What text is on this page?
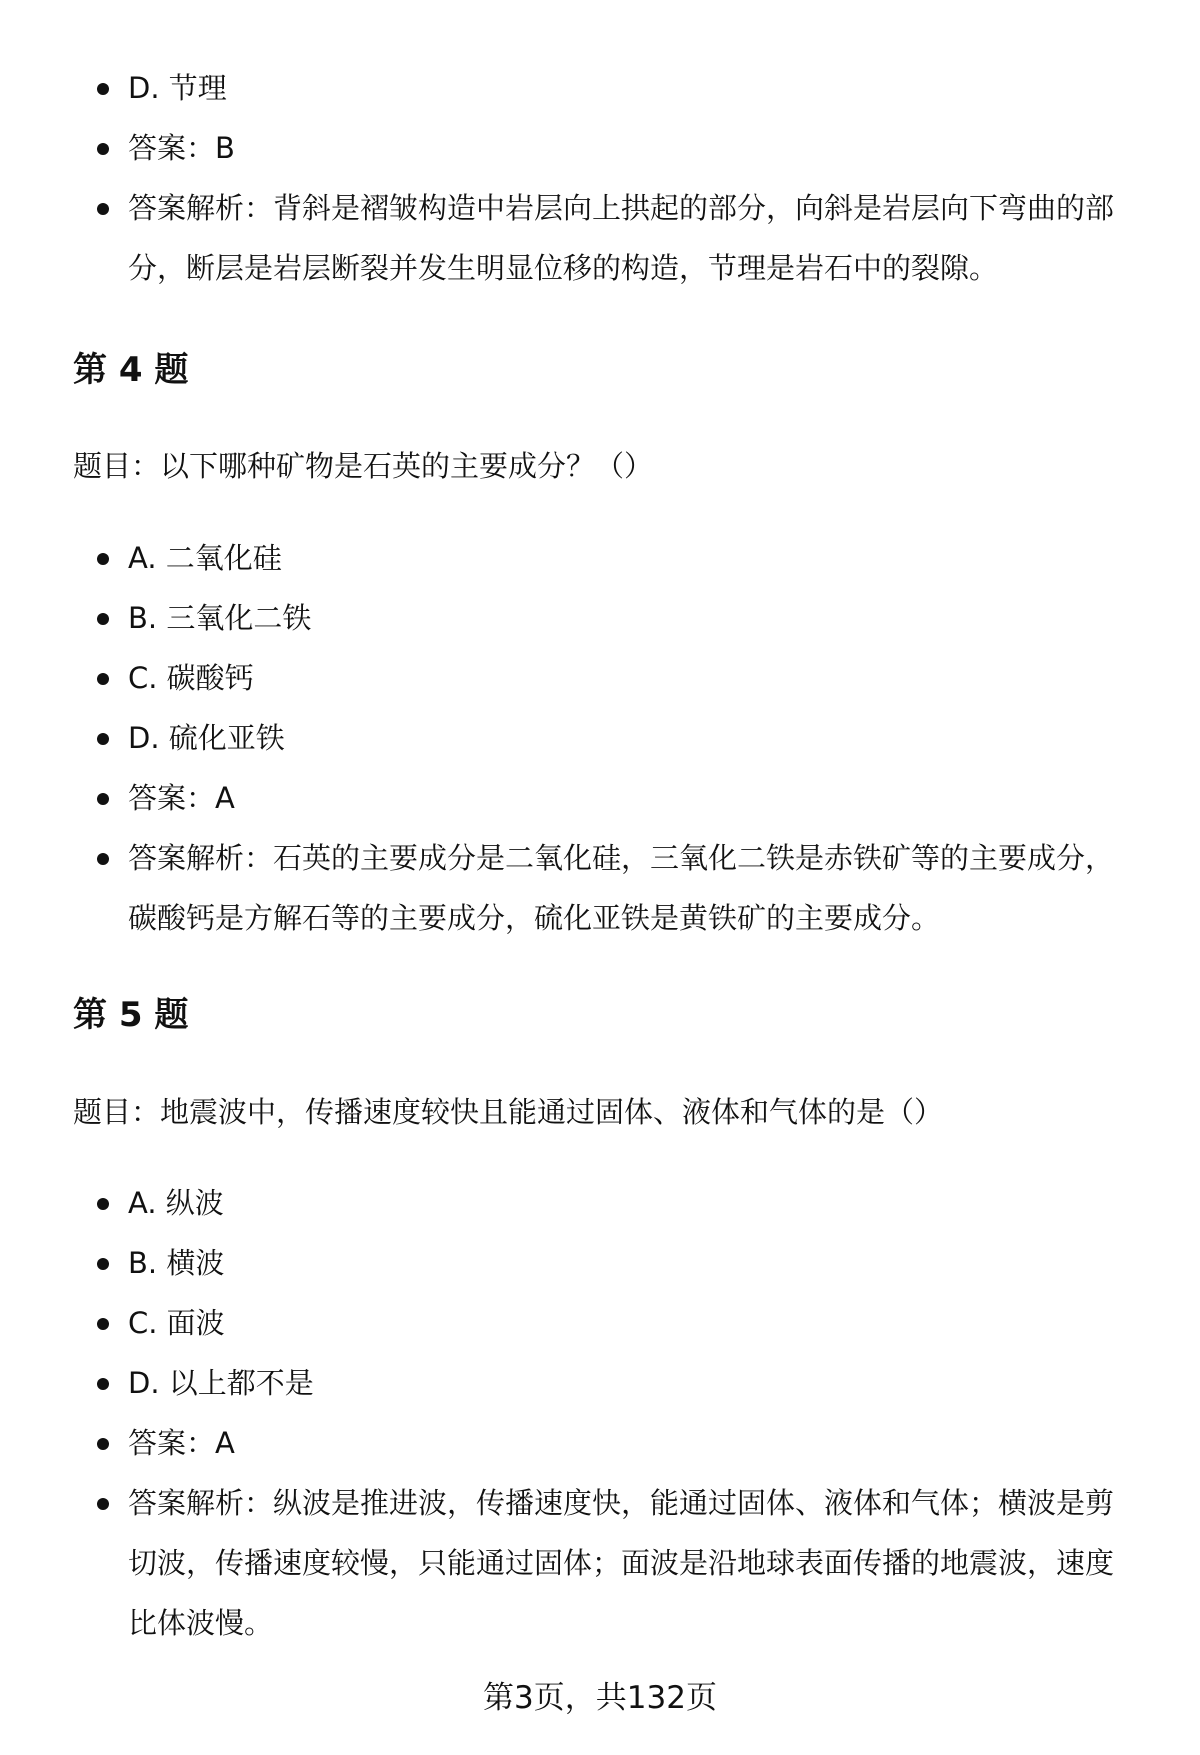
D. 节理
答案：B
答案解析：背斜是褶皱构造中岩层向上拱起的部分，向斜是岩层向下弯曲的部分，断层是岩层断裂并发生明显位移的构造，节理是岩石中的裂隙。
第 4 题

题目：以下哪种矿物是石英的主要成分？（）

A. 二氧化硅
B. 三氧化二铁
C. 碳酸钙
D. 硫化亚铁
答案：A
答案解析：石英的主要成分是二氧化硅，三氧化二铁是赤铁矿等的主要成分，碳酸钙是方解石等的主要成分，硫化亚铁是黄铁矿的主要成分。
第 5 题

题目：地震波中，传播速度较快且能通过固体、液体和气体的是（）

A. 纵波
B. 横波
C. 面波
D. 以上都不是
答案：A
答案解析：纵波是推进波，传播速度快，能通过固体、液体和气体；横波是剪切波，传播速度较慢，只能通过固体；面波是沿地球表面传播的地震波，速度比体波慢。
第3页，共132页
